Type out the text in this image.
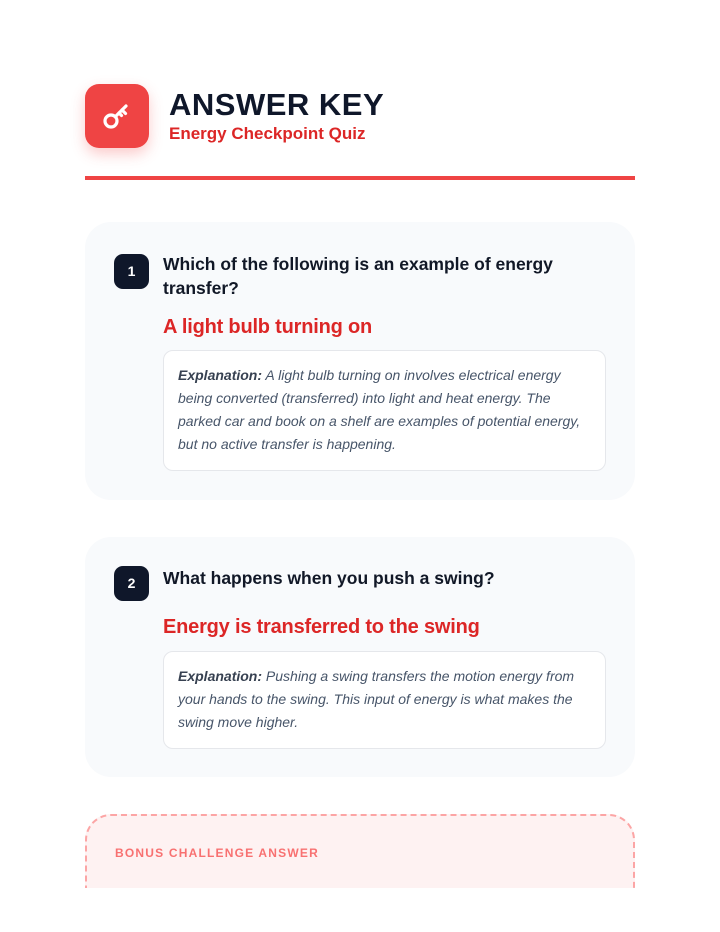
ANSWER KEY
Energy Checkpoint Quiz
1	Which of the following is an example of energy transfer?
A light bulb turning on
Explanation: A light bulb turning on involves electrical energy being converted (transferred) into light and heat energy. The parked car and book on a shelf are examples of potential energy, but no active transfer is happening.
2	What happens when you push a swing?
Energy is transferred to the swing
Explanation: Pushing a swing transfers the motion energy from your hands to the swing. This input of energy is what makes the swing move higher.
BONUS CHALLENGE ANSWER
